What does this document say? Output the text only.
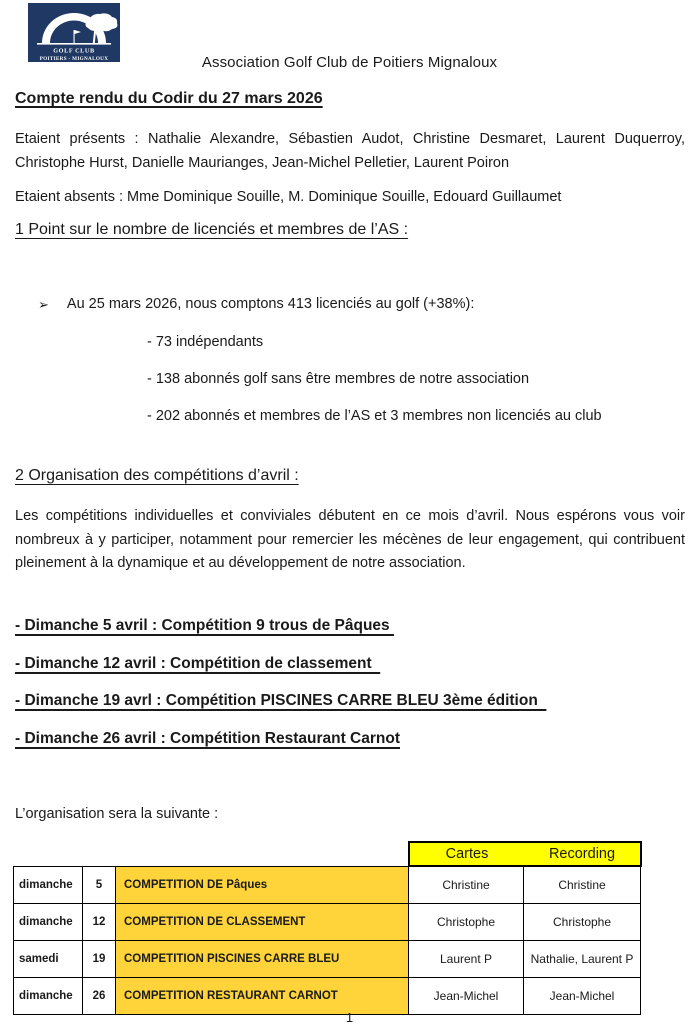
GOLF CLUB
POITIERS - MIGNALOUX	Association Golf Club de Poitiers Mignaloux
Compte rendu du Codir du 27 mars 2026
Etaient présents : Nathalie Alexandre, Sébastien Audot, Christine Desmaret, Laurent Duquerroy, Christophe Hurst, Danielle Maurianges, Jean-Michel Pelletier, Laurent Poiron
Etaient absents : Mme Dominique Souille, M. Dominique Souille, Edouard Guillaumet
1 Point sur le nombre de licenciés et membres de l’AS :
➢ Au 25 mars 2026, nous comptons 413 licenciés au golf (+38%):
- 73 indépendants
- 138 abonnés golf sans être membres de notre association
- 202 abonnés et membres de l’AS et 3 membres non licenciés au club
2 Organisation des compétitions d’avril :
Les compétitions individuelles et conviviales débutent en ce mois d’avril. Nous espérons vous voir nombreux à y participer, notamment pour remercier les mécènes de leur engagement, qui contribuent pleinement à la dynamique et au développement de notre association.
- Dimanche 5 avril : Compétition 9 trous de Pâques
- Dimanche 12 avril : Compétition de classement
- Dimanche 19 avrl : Compétition PISCINES CARRE BLEU 3ème édition
- Dimanche 26 avril : Compétition Restaurant Carnot
L’organisation sera la suivante :

			Cartes Recording	

dimanche	5	COMPETITION DE Pâques	Christine	Christine
dimanche	12	COMPETITION DE CLASSEMENT	Christophe	Christophe
samedi	19	COMPETITION PISCINES CARRE BLEU	Laurent P	Nathalie, Laurent P
dimanche	26	COMPETITION RESTAURANT CARNOT	Jean-Michel	Jean-Michel
1
